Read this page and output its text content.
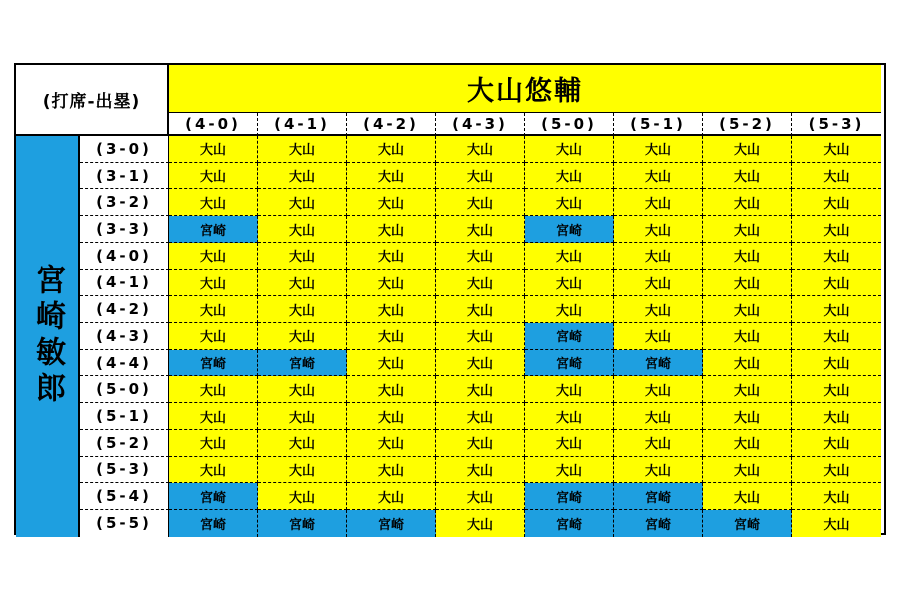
(打席-出塁)	大山悠輔
宮崎敏郎
(4-0)	(4-1)	(4-2)	(4-3)	(5-0)	(5-1)	(5-2)	(5-3)
(3-0)	大山	大山	大山	大山	大山	大山	大山	大山
(3-1)	大山	大山	大山	大山	大山	大山	大山	大山
(3-2)	大山	大山	大山	大山	大山	大山	大山	大山
(3-3)	宮崎	大山	大山	大山	宮崎	大山	大山	大山
(4-0)	大山	大山	大山	大山	大山	大山	大山	大山
(4-1)	大山	大山	大山	大山	大山	大山	大山	大山
(4-2)	大山	大山	大山	大山	大山	大山	大山	大山
(4-3)	大山	大山	大山	大山	宮崎	大山	大山	大山
(4-4)	宮崎	宮崎	大山	大山	宮崎	宮崎	大山	大山
(5-0)	大山	大山	大山	大山	大山	大山	大山	大山
(5-1)	大山	大山	大山	大山	大山	大山	大山	大山
(5-2)	大山	大山	大山	大山	大山	大山	大山	大山
(5-3)	大山	大山	大山	大山	大山	大山	大山	大山
(5-4)	宮崎	大山	大山	大山	宮崎	宮崎	大山	大山
(5-5)	宮崎	宮崎	宮崎	大山	宮崎	宮崎	宮崎	大山
